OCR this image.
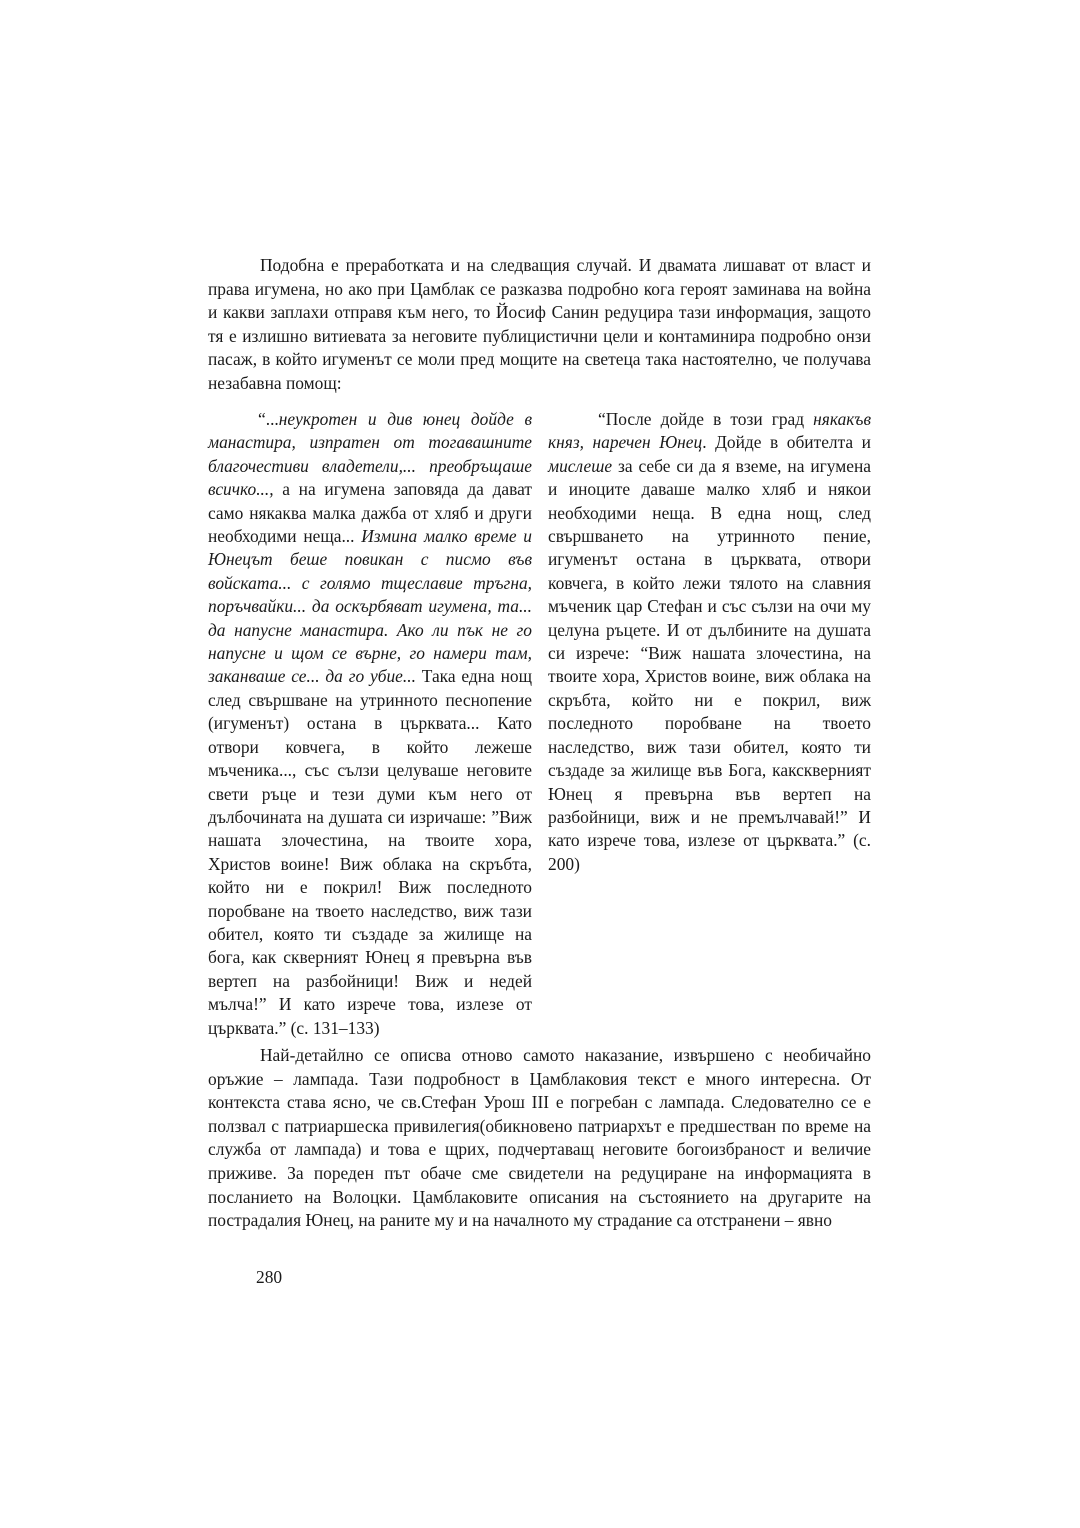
Подобна е преработката и на следващия случай. И двамата лишават от власт и права игумена, но ако при Цамблак се разказва подробно кога героят заминава на война и какви заплахи отправя към него, то Йосиф Санин редуцира тази информация, защото тя е излишно витиевата за неговите публицистични цели и контаминира подробно онзи пасаж, в който игуменът се моли пред мощите на светеца така настоятелно, че получава незабавна помощ:

“...неукротен и див юнец дойде в манастира, изпратен от тогавашните благочестиви владетели,... преобръщаше всичко..., а на игумена заповяда да дават само някаква малка дажба от хляб и други необходими неща... Измина малко време и Юнецът беше повикан с писмо във войската... с голямо тщеславие тръгна, поръчвайки... да оскърбяват игумена, та... да напусне манастира. Ако ли пък не го напусне и щом се върне, го намери там, заканваше се... да го убие... Така една нощ след свършване на утринното песнопение (игуменът) остана в църквата... Като отвори ковчега, в който лежеше мъченика..., със сълзи целуваше неговите свети ръце и тези думи към него от дълбочината на душата си изричаше: ”Виж нашата злочестина, на твоите хора, Христов воине! Виж облака на скръбта, който ни е покрил! Виж последното поробване на твоето наследство, виж тази обител, която ти създаде за жилище на бога, как скверният Юнец я превърна във вертеп на разбойници! Виж и недей мълча!” И като изрече това, излезе от църквата.” (с. 131–133)

“После дойде в този град някакъв княз, наречен Юнец. Дойде в обителта и мислеше за себе си да я вземе, на игумена и иноците даваше малко хляб и някои необходими неща. В една нощ, след свършването на утринното пение, игуменът остана в църквата, отвори ковчега, в който лежи тялото на славния мъченик цар Стефан и със сълзи на очи му целуна ръцете. И от дълбините на душата си изрече: “Виж нашата злочестина, на твоите хора, Христов воине, виж облака на скръбта, който ни е покрил, виж последното поробване на твоето наследство, виж тази обител, която ти създаде за жилище във Бога, какскверният Юнец я превърна във вертеп на разбойници, виж и не премълчавай!” И като изрече това, излезе от църквата.” (с. 200)

Най-детайлно се описва отново самото наказание, извършено с необичайно оръжие – лампада. Тази подробност в Цамблаковия текст е много интересна. От контекста става ясно, че св.Стефан Урош III е погребан с лампада. Следователно се е ползвал с патриаршеска привилегия(обикновено патриархът е предшестван по време на служба от лампада) и това е щрих, подчертаващ неговите богоизбраност и величие приживе. За пореден път обаче сме свидетели на редуциране на информацията в посланието на Волоцки. Цамблаковите описания на състоянието на другарите на пострадалия Юнец, на раните му и на началното му страдание са отстранени – явно

280
